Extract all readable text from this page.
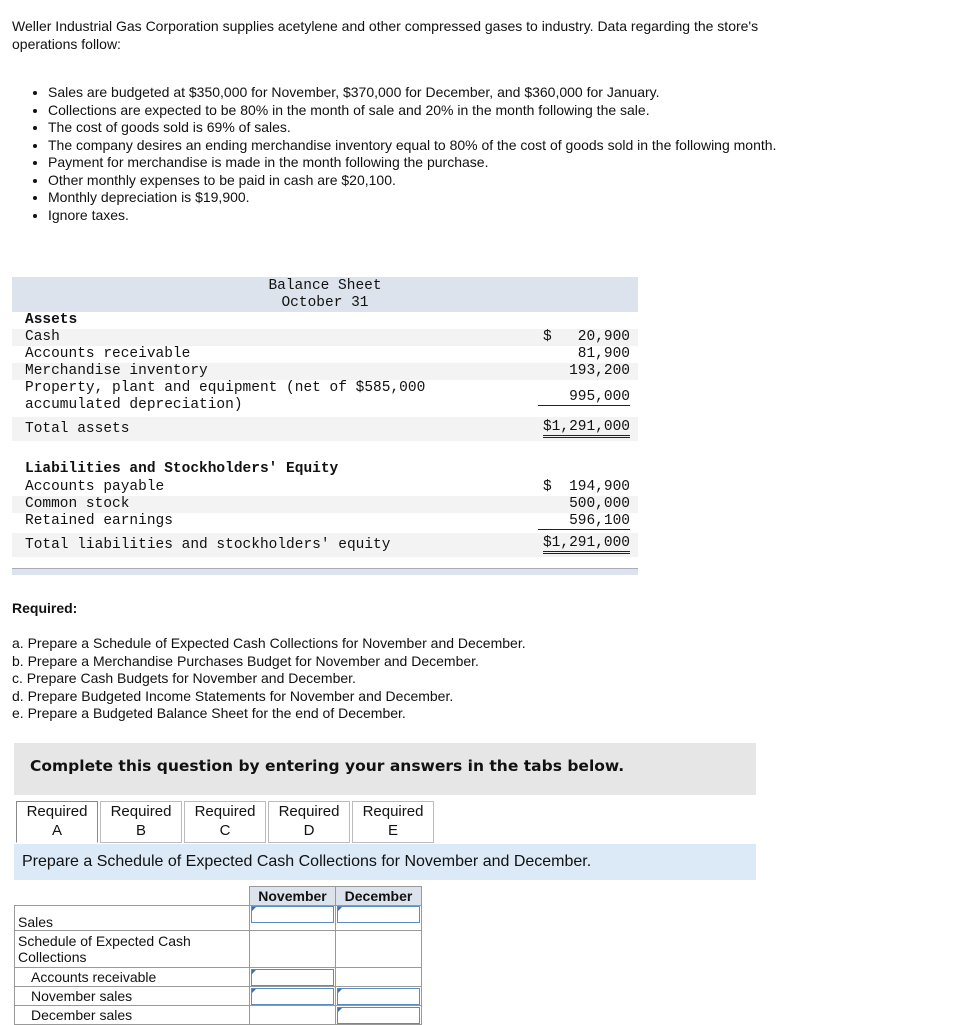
Weller Industrial Gas Corporation supplies acetylene and other compressed gases to industry. Data regarding the store's operations follow:
• Sales are budgeted at $350,000 for November, $370,000 for December, and $360,000 for January.
• Collections are expected to be 80% in the month of sale and 20% in the month following the sale.
• The cost of goods sold is 69% of sales.
• The company desires an ending merchandise inventory equal to 80% of the cost of goods sold in the following month.
• Payment for merchandise is made in the month following the purchase.
• Other monthly expenses to be paid in cash are $20,100.
• Monthly depreciation is $19,900.
• Ignore taxes.
Balance Sheet
October 31
Assets
Cash	$   20,900
Accounts receivable	81,900
Merchandise inventory	193,200
Property, plant and equipment (net of $585,000
accumulated depreciation)	995,000
Total assets	$1,291,000
Liabilities and Stockholders' Equity
Accounts payable	$  194,900
Common stock	500,000
Retained earnings	596,100
Total liabilities and stockholders' equity	$1,291,000
Required:
a. Prepare a Schedule of Expected Cash Collections for November and December.
b. Prepare a Merchandise Purchases Budget for November and December.
c. Prepare Cash Budgets for November and December.
d. Prepare Budgeted Income Statements for November and December.
e. Prepare a Budgeted Balance Sheet for the end of December.
Complete this question by entering your answers in the tabs below.
Required
A
Required
B
Required
C
Required
D
Required
E
Prepare a Schedule of Expected Cash Collections for November and December.
	November	December
Sales	

Schedule of Expected Cash Collections		
Accounts receivable	

November sales	

December sales		
